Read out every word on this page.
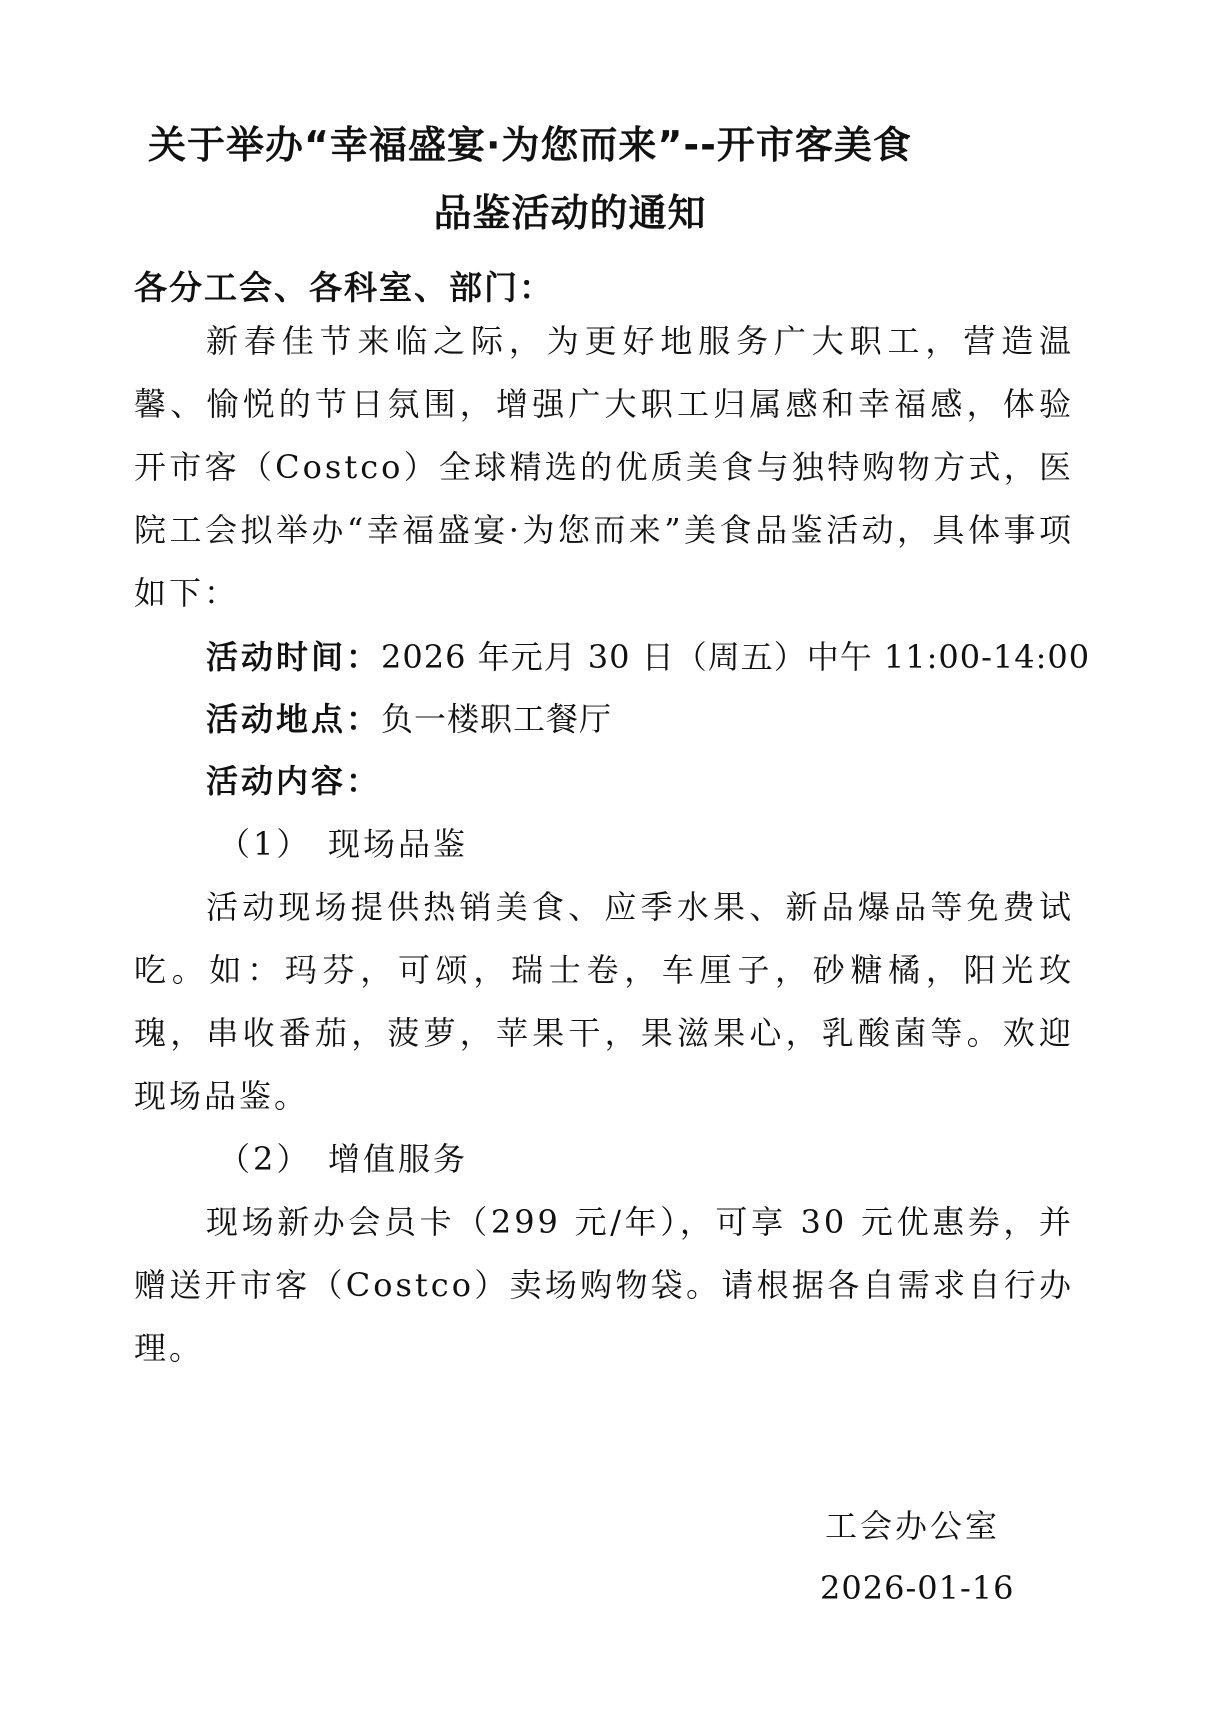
关于举办“幸福盛宴·为您而来”--开市客美食
品鉴活动的通知
各分工会、各科室、部门：

新春佳节来临之际，为更好地服务广大职工，营造温馨、愉悦的节日氛围，增强广大职工归属感和幸福感，体验开市客（Costco）全球精选的优质美食与独特购物方式，医院工会拟举办“幸福盛宴·为您而来”美食品鉴活动，具体事项如下：

活动时间：2026 年元月 30 日（周五）中午 11:00-14:00
活动地点：负一楼职工餐厅
活动内容：
（1） 现场品鉴

活动现场提供热销美食、应季水果、新品爆品等免费试吃。如：玛芬，可颂，瑞士卷，车厘子，砂糖橘，阳光玫瑰，串收番茄，菠萝，苹果干，果滋果心，乳酸菌等。欢迎现场品鉴。

（2） 增值服务

现场新办会员卡（299 元/年），可享 30 元优惠券，并赠送开市客（Costco）卖场购物袋。请根据各自需求自行办理。

工会办公室
2026-01-16
